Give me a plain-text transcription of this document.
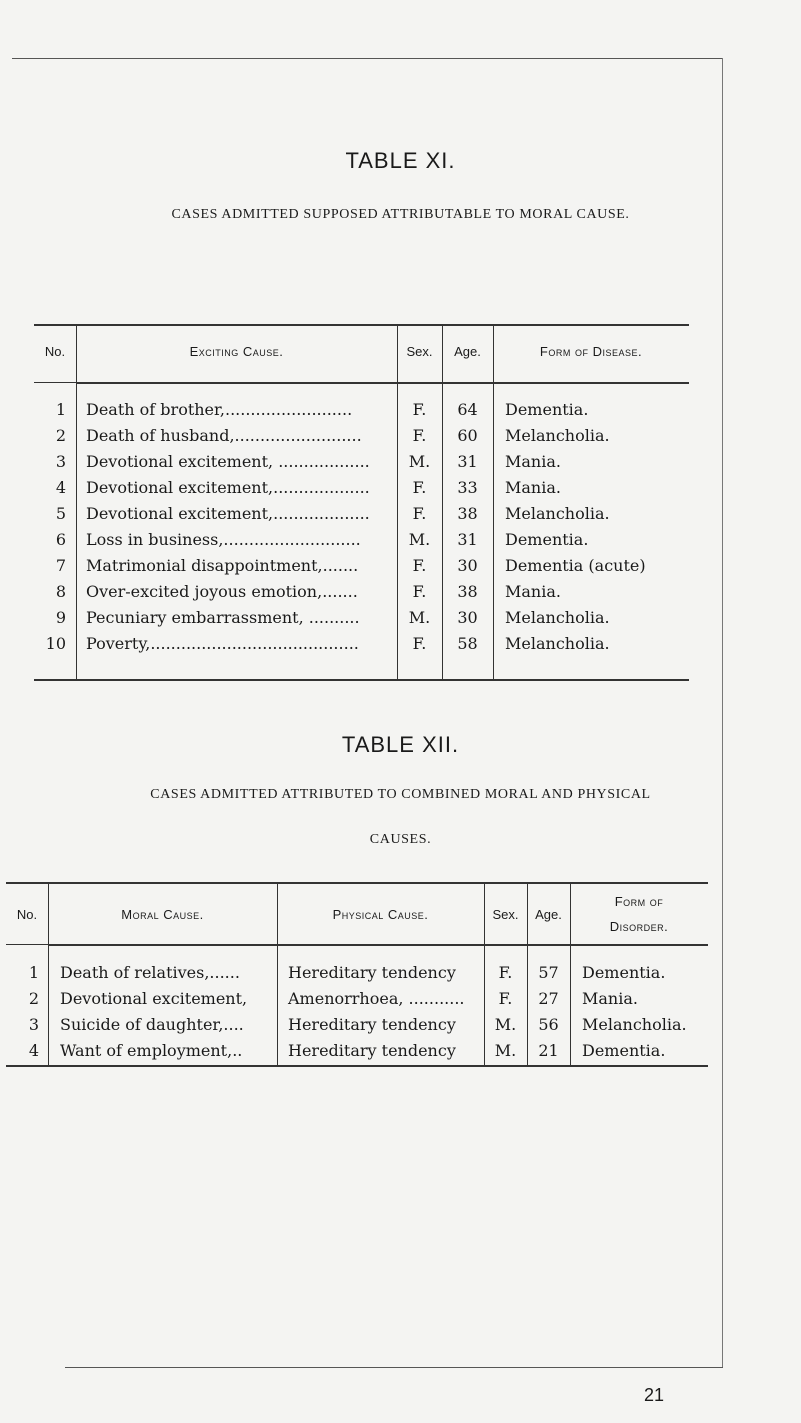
TABLE XI.
CASES ADMITTED SUPPOSED ATTRIBUTABLE TO MORAL CAUSE.
No.	Exciting Cause.	Sex.	Age.	Form of Disease.
1 Death of brother,.........................	F.	64	Dementia.
2 Death of husband,.........................	F.	60	Melancholia.
3 Devotional excitement, ..................	M.	31	Mania.
4 Devotional excitement,...................	F.	33	Mania.
5 Devotional excitement,...................	F.	38	Melancholia.
6 Loss in business,...........................	M.	31	Dementia.
7 Matrimonial disappointment,.......	F.	30	Dementia (acute)
8 Over-excited joyous emotion,.......	F.	38	Mania.
9 Pecuniary embarrassment, ..........	M.	30	Melancholia.
10 Poverty,.........................................	F.	58	Melancholia.
TABLE XII.
CASES ADMITTED ATTRIBUTED TO COMBINED MORAL AND PHYSICAL
CAUSES.
No.	Moral Cause.	Physical Cause.	Sex.	Age.
Form of
Disorder.
1 Death of relatives,......	Hereditary tendency	F.	57	Dementia.
2 Devotional excitement,	Amenorrhoea, ...........	F.	27	Mania.
3 Suicide of daughter,....	Hereditary tendency	M.	56	Melancholia.
4 Want of employment,..	Hereditary tendency	M.	21	Dementia.
21
